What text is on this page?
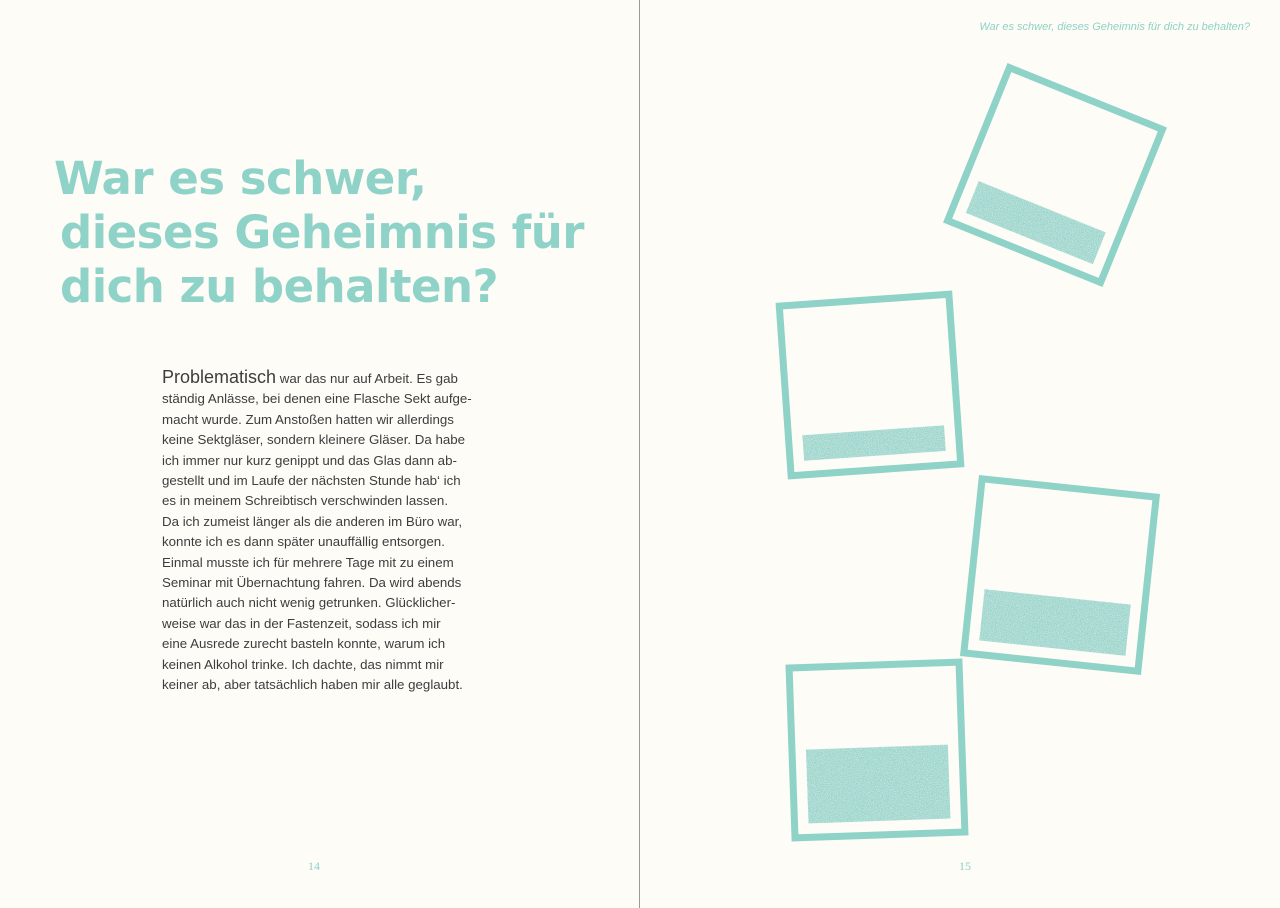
War es schwer,
dieses Geheimnis für
dich zu behalten?
Problematisch war das nur auf Arbeit. Es gab
ständig Anlässe, bei denen eine Flasche Sekt aufge-
macht wurde. Zum Anstoßen hatten wir allerdings
keine Sektgläser, sondern kleinere Gläser. Da habe
ich immer nur kurz genippt und das Glas dann ab-
gestellt und im Laufe der nächsten Stunde hab‘ ich
es in meinem Schreibtisch verschwinden lassen.
Da ich zumeist länger als die anderen im Büro war,
konnte ich es dann später unauffällig entsorgen.
Einmal musste ich für mehrere Tage mit zu einem
Seminar mit Übernachtung fahren. Da wird abends
natürlich auch nicht wenig getrunken. Glücklicher-
weise war das in der Fastenzeit, sodass ich mir
eine Ausrede zurecht basteln konnte, warum ich
keinen Alkohol trinke. Ich dachte, das nimmt mir
keiner ab, aber tatsächlich haben mir alle geglaubt.
14
War es schwer, dieses Geheimnis für dich zu behalten?
15
